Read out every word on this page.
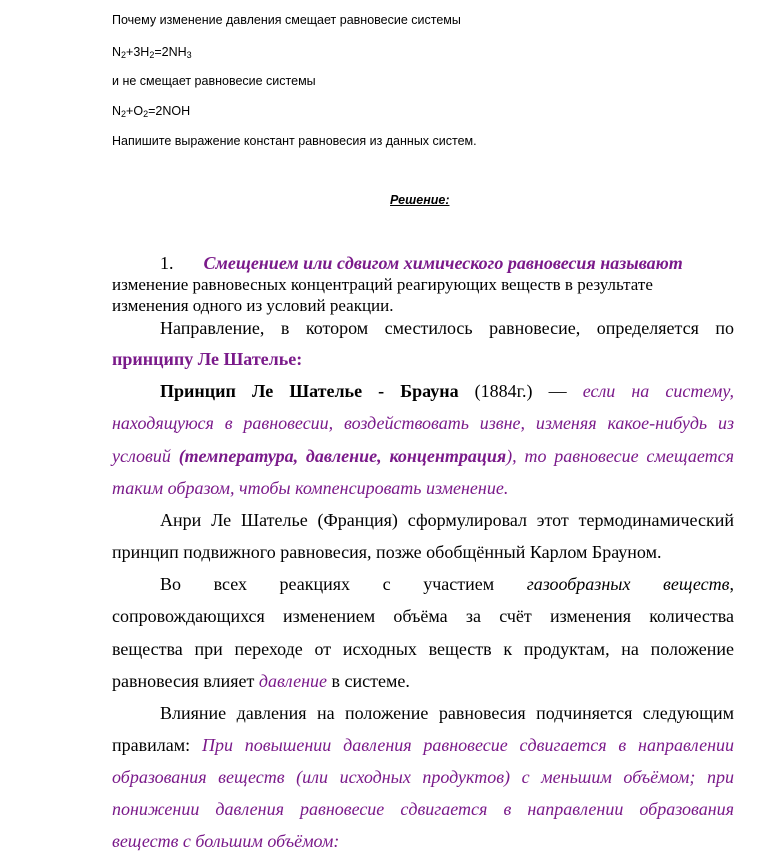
Почему изменение давления смещает равновесие системы
$N_2+3H_2=2NH_3$
и не смещает равновесие системы
$N_2+O_2=2NOH$
Напишите выражение констант равновесия из данных систем.
Решение:
1. Смещением или сдвигом химического равновесия называют
изменение равновесных концентраций реагирующих веществ в результате
изменения одного из условий реакции.
Направление, в котором сместилось равновесие, определяется по
принципу Ле Шателье:
Принцип Ле Шателье - Брауна (1884г.) — если на систему,
находящуюся в равновесии, воздействовать извне, изменяя какое-нибудь из
условий (температура, давление, концентрация), то равновесие смещается
таким образом, чтобы компенсировать изменение.
Анри Ле Шателье (Франция) сформулировал этот термодинамический
принцип подвижного равновесия, позже обобщённый Карлом Брауном.
Во всех реакциях с участием газообразных веществ,
сопровождающихся изменением объёма за счёт изменения количества
вещества при переходе от исходных веществ к продуктам, на положение
равновесия влияет давление в системе.
Влияние давления на положение равновесия подчиняется следующим
правилам: При повышении давления равновесие сдвигается в направлении
образования веществ (или исходных продуктов) с меньшим объёмом; при
понижении давления равновесие сдвигается в направлении образования
веществ с большим объёмом:
